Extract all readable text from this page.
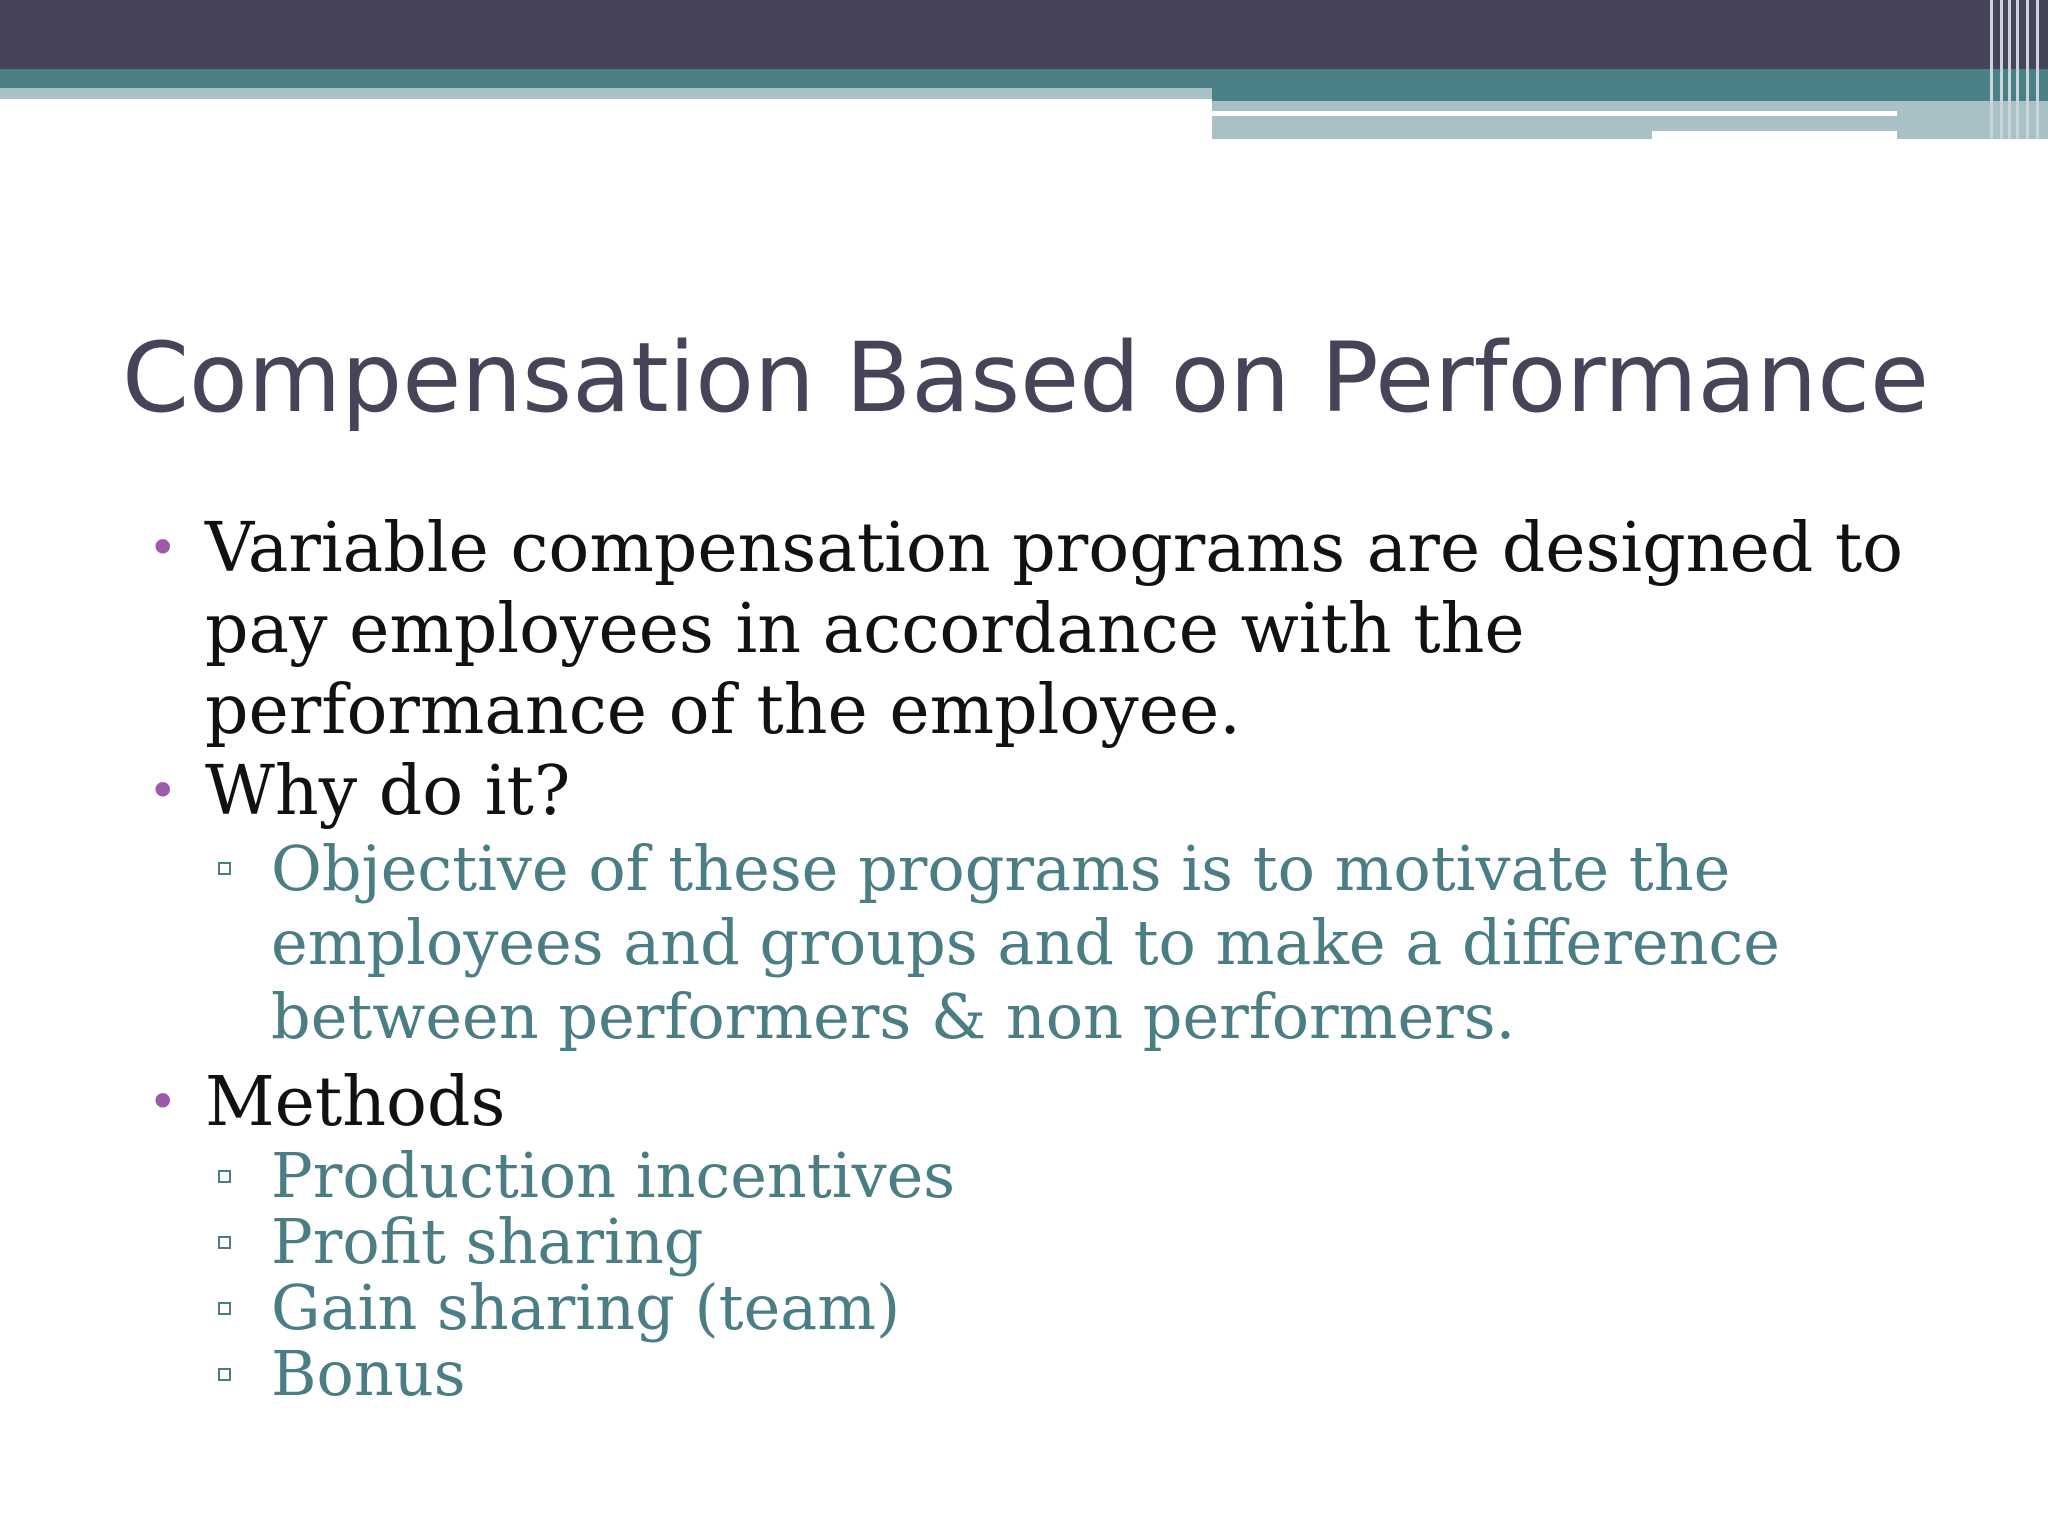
Compensation Based on Performance
• Variable compensation programs are designed to pay employees in accordance with the performance of the employee.
• Why do it?
Objective of these programs is to motivate the employees and groups and to make a difference between performers & non performers.
• Methods
Production incentives
Profit sharing
Gain sharing (team)
Bonus
